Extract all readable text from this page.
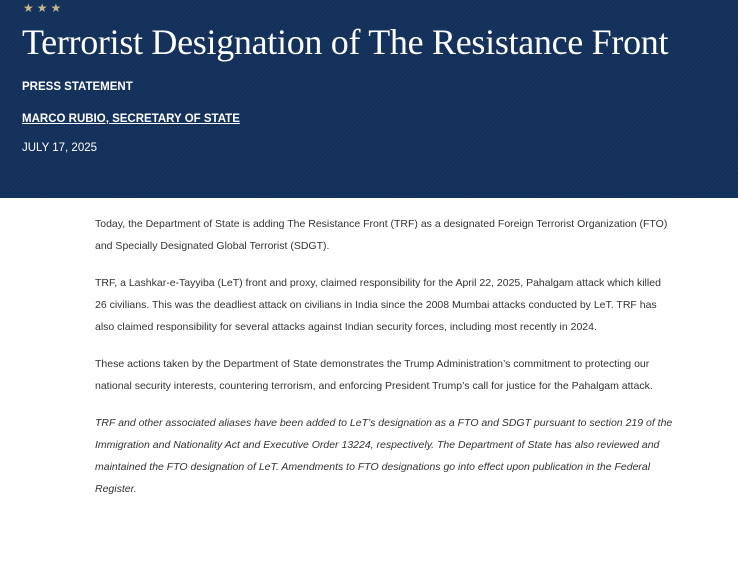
★★★
Terrorist Designation of The Resistance Front
PRESS STATEMENT
MARCO RUBIO, SECRETARY OF STATE
JULY 17, 2025

Today, the Department of State is adding The Resistance Front (TRF) as a designated Foreign Terrorist Organization (FTO) and Specially Designated Global Terrorist (SDGT).

TRF, a Lashkar-e-Tayyiba (LeT) front and proxy, claimed responsibility for the April 22, 2025, Pahalgam attack which killed 26 civilians. This was the deadliest attack on civilians in India since the 2008 Mumbai attacks conducted by LeT. TRF has also claimed responsibility for several attacks against Indian security forces, including most recently in 2024.

These actions taken by the Department of State demonstrates the Trump Administration’s commitment to protecting our national security interests, countering terrorism, and enforcing President Trump’s call for justice for the Pahalgam attack.

TRF and other associated aliases have been added to LeT’s designation as a FTO and SDGT pursuant to section 219 of the Immigration and Nationality Act and Executive Order 13224, respectively. The Department of State has also reviewed and maintained the FTO designation of LeT. Amendments to FTO designations go into effect upon publication in the Federal Register.
